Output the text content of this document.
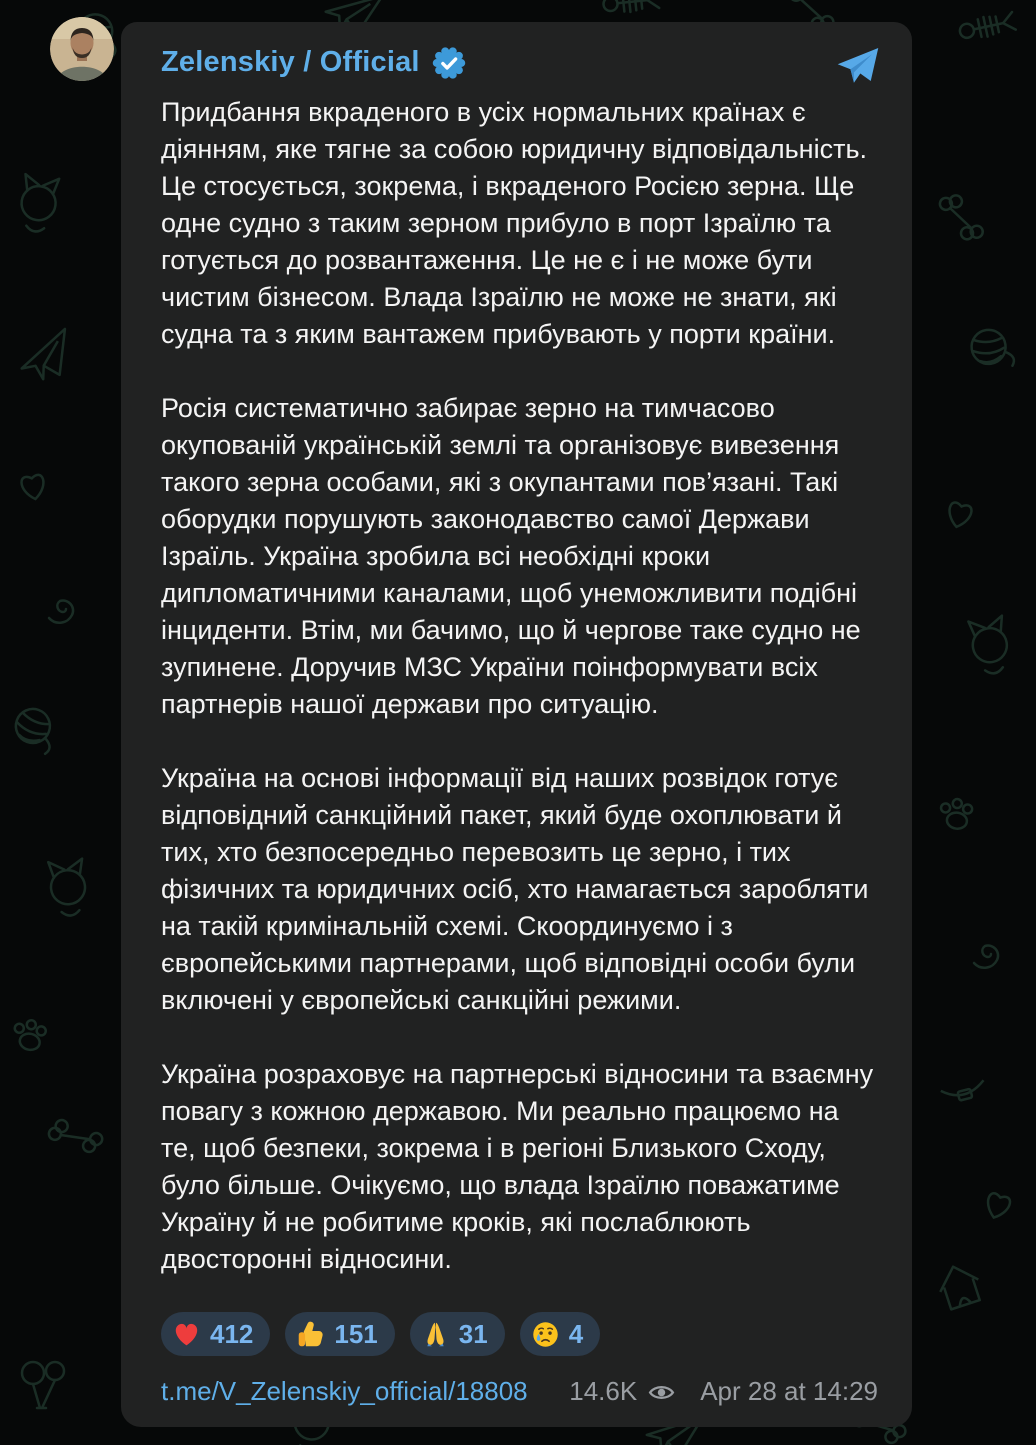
Zelenskiy / Official

Придбання вкраденого в усіх нормальних країнах є діянням, яке тягне за собою юридичну відповідальність. Це стосується, зокрема, і вкраденого Росією зерна. Ще одне судно з таким зерном прибуло в порт Ізраїлю та готується до розвантаження. Це не є і не може бути чистим бізнесом. Влада Ізраїлю не може не знати, які судна та з яким вантажем прибувають у порти країни.

Росія систематично забирає зерно на тимчасово окупованій українській землі та організовує вивезення такого зерна особами, які з окупантами пов’язані. Такі оборудки порушують законодавство самої Держави Ізраїль. Україна зробила всі необхідні кроки дипломатичними каналами, щоб унеможливити подібні інциденти. Втім, ми бачимо, що й чергове таке судно не зупинене. Доручив МЗС України поінформувати всіх партнерів нашої держави про ситуацію.

Україна на основі інформації від наших розвідок готує відповідний санкційний пакет, який буде охоплювати й тих, хто безпосередньо перевозить це зерно, і тих фізичних та юридичних осіб, хто намагається заробляти на такій кримінальній схемі. Скоординуємо і з європейськими партнерами, щоб відповідні особи були включені у європейські санкційні режими.

Україна розраховує на партнерські відносини та взаємну повагу з кожною державою. Ми реально працюємо на те, щоб безпеки, зокрема і в регіоні Близького Сходу, було більше. Очікуємо, що влада Ізраїлю поважатиме Україну й не робитиме кроків, які послаблюють двосторонні відносини.

412	151	31	4
t.me/V_Zelenskiy_official/18808 14.6K Apr 28 at 14:29
